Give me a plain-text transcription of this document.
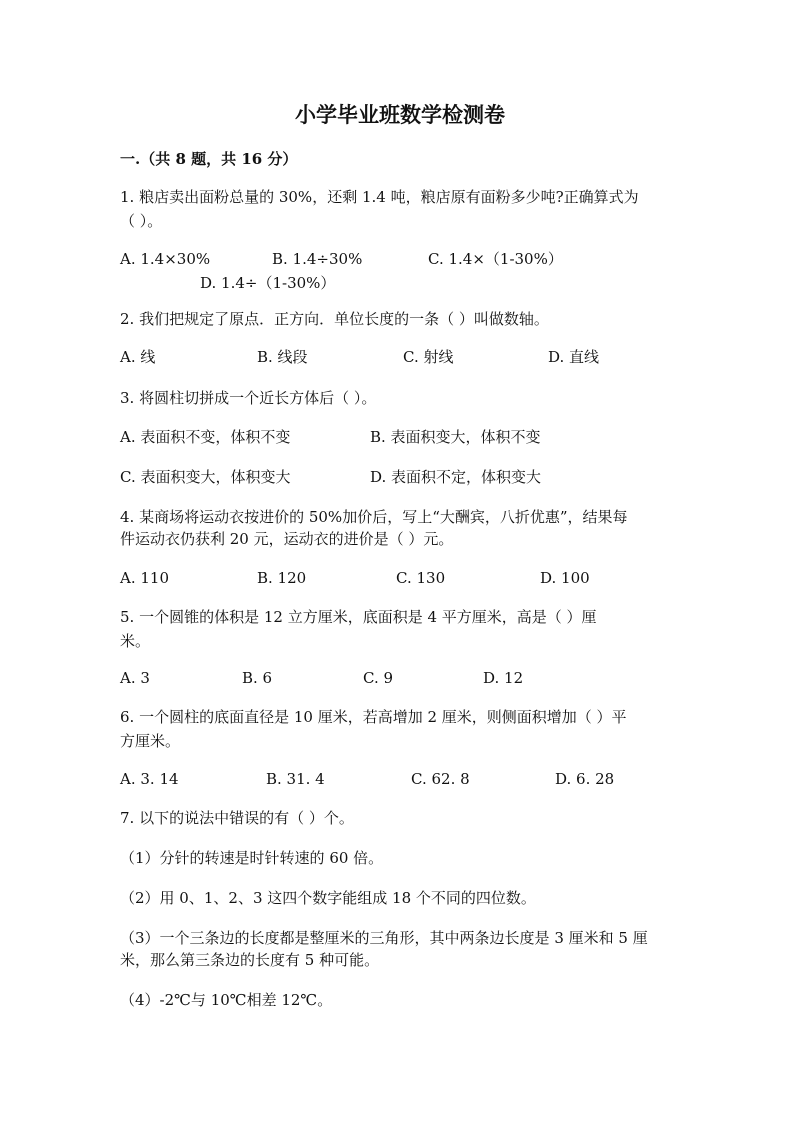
小学毕业班数学检测卷
一.（共 8 题，共 16 分）
1. 粮店卖出面粉总量的 30%，还剩 1.4 吨，粮店原有面粉多少吨?正确算式为
（ ）。
A. 1.4×30%	B. 1.4÷30%	C. 1.4×（1-30%）
D. 1.4÷（1-30%）
2. 我们把规定了原点．正方向．单位长度的一条（ ）叫做数轴。
A. 线	B. 线段	C. 射线	D. 直线
3. 将圆柱切拼成一个近长方体后（ ）。
A. 表面积不变，体积不变	B. 表面积变大，体积不变
C. 表面积变大，体积变大	D. 表面积不定，体积变大
4. 某商场将运动衣按进价的 50%加价后，写上“大酬宾，八折优惠”，结果每
件运动衣仍获利 20 元，运动衣的进价是（ ）元。
A. 110	B. 120	C. 130	D. 100
5. 一个圆锥的体积是 12 立方厘米，底面积是 4 平方厘米，高是（ ）厘
米。
A. 3	B. 6	C. 9	D. 12
6. 一个圆柱的底面直径是 10 厘米，若高增加 2 厘米，则侧面积增加（ ）平
方厘米。
A. 3. 14	B. 31. 4	C. 62. 8	D. 6. 28
7. 以下的说法中错误的有（ ）个。
（1）分针的转速是时针转速的 60 倍。
（2）用 0、1、2、3 这四个数字能组成 18 个不同的四位数。
（3）一个三条边的长度都是整厘米的三角形，其中两条边长度是 3 厘米和 5 厘
米，那么第三条边的长度有 5 种可能。
（4）-2℃与 10℃相差 12℃。
